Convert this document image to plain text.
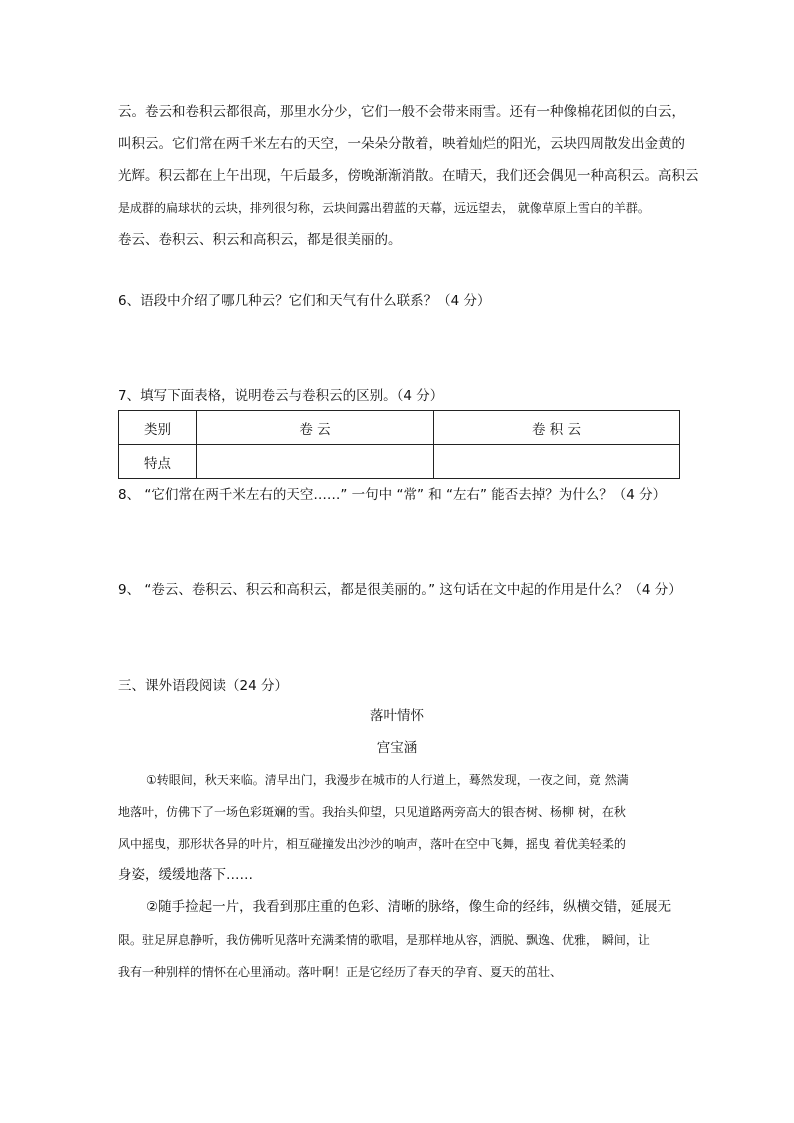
云。卷云和卷积云都很高，那里水分少，它们一般不会带来雨雪。还有一种像棉花团似的白云，
叫积云。它们常在两千米左右的天空，一朵朵分散着，映着灿烂的阳光，云块四周散发出金黄的
光辉。积云都在上午出现，午后最多，傍晚渐渐消散。在晴天，我们还会偶见一种高积云。高积云
是成群的扁球状的云块，排列很匀称，云块间露出碧蓝的天幕，远远望去， 就像草原上雪白的羊群。
卷云、卷积云、积云和高积云，都是很美丽的。
6、语段中介绍了哪几种云？它们和天气有什么联系？（4 分）
7、填写下面表格，说明卷云与卷积云的区别。（4 分）
类别	卷 云	卷 积 云
特点		
8、 “它们常在两千米左右的天空……” 一句中 “常” 和 “左右” 能否去掉？为什么？（4 分）
9、 “卷云、卷积云、积云和高积云，都是很美丽的。” 这句话在文中起的作用是什么？（4 分）
三、课外语段阅读（24 分）
落叶情怀
宫宝涵
①转眼间，秋天来临。清早出门，我漫步在城市的人行道上，蓦然发现，一夜之间，竟 然满
地落叶，仿佛下了一场色彩斑斓的雪。我抬头仰望，只见道路两旁高大的银杏树、杨柳 树，在秋
风中摇曳，那形状各异的叶片，相互碰撞发出沙沙的响声，落叶在空中飞舞，摇曳 着优美轻柔的
身姿，缓缓地落下……
②随手捡起一片，我看到那庄重的色彩、清晰的脉络，像生命的经纬，纵横交错，延展无
限。驻足屏息静听，我仿佛听见落叶充满柔情的歌唱，是那样地从容，洒脱、飘逸、优雅， 瞬间，让
我有一种别样的情怀在心里涌动。落叶啊！正是它经历了春天的孕育、夏天的茁壮、
